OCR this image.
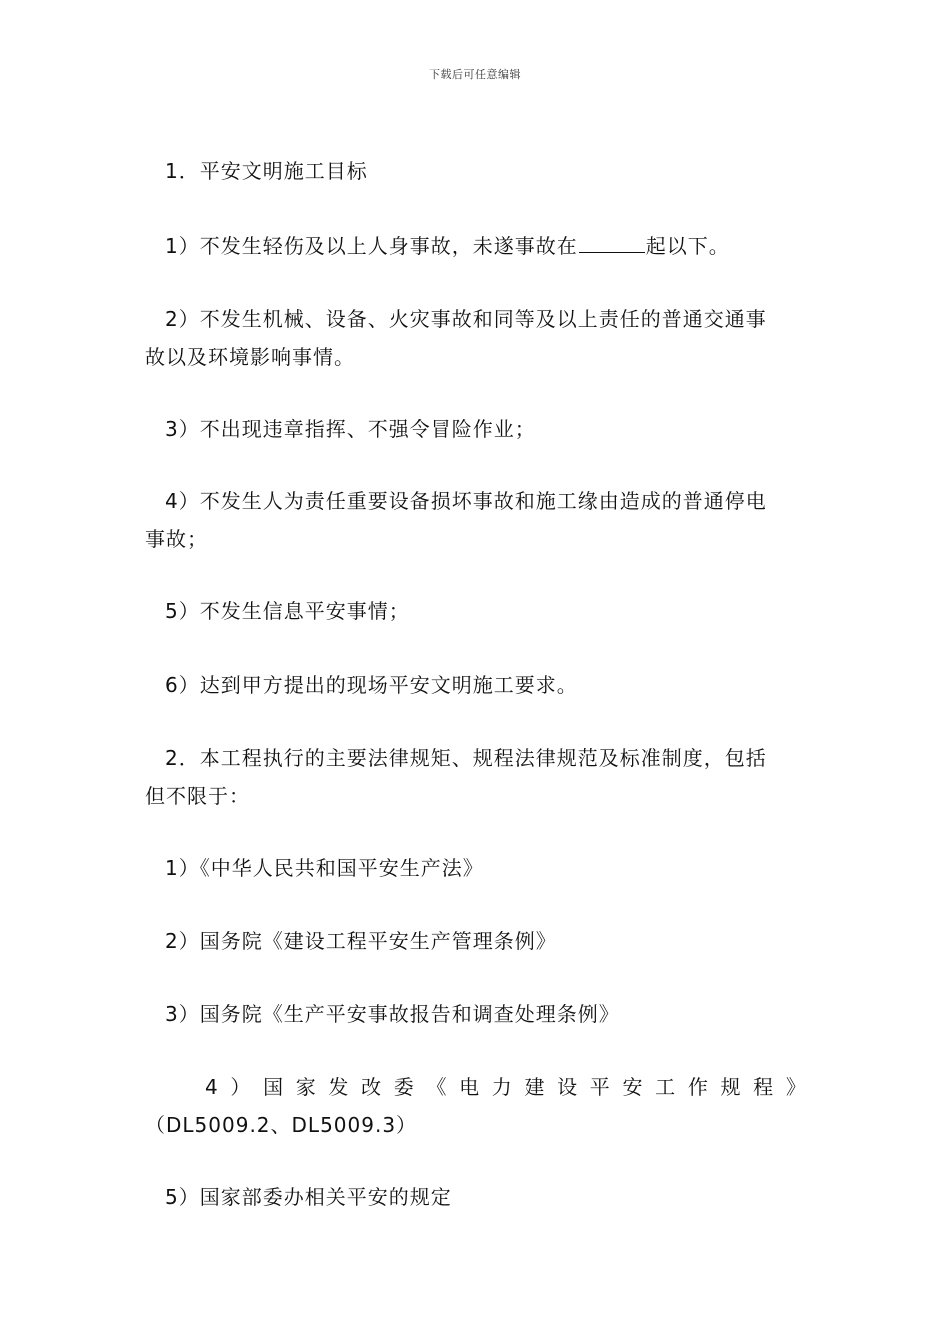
下载后可任意编辑
1．平安文明施工目标
1）不发生轻伤及以上人身事故，未遂事故在	起以下。
2）不发生机械、设备、火灾事故和同等及以上责任的普通交通事
故以及环境影响事情。
3）不出现违章指挥、不强令冒险作业；
4）不发生人为责任重要设备损坏事故和施工缘由造成的普通停电
事故；
5）不发生信息平安事情；
6）达到甲方提出的现场平安文明施工要求。
2．本工程执行的主要法律规矩、规程法律规范及标准制度，包括
但不限于：
1）《中华人民共和国平安生产法》
2）国务院《建设工程平安生产管理条例》
3）国务院《生产平安事故报告和调查处理条例》
4 ） 国 家 发 改 委 《 电 力 建 设 平 安 工 作 规 程 》
（DL5009.2、DL5009.3）
5）国家部委办相关平安的规定
